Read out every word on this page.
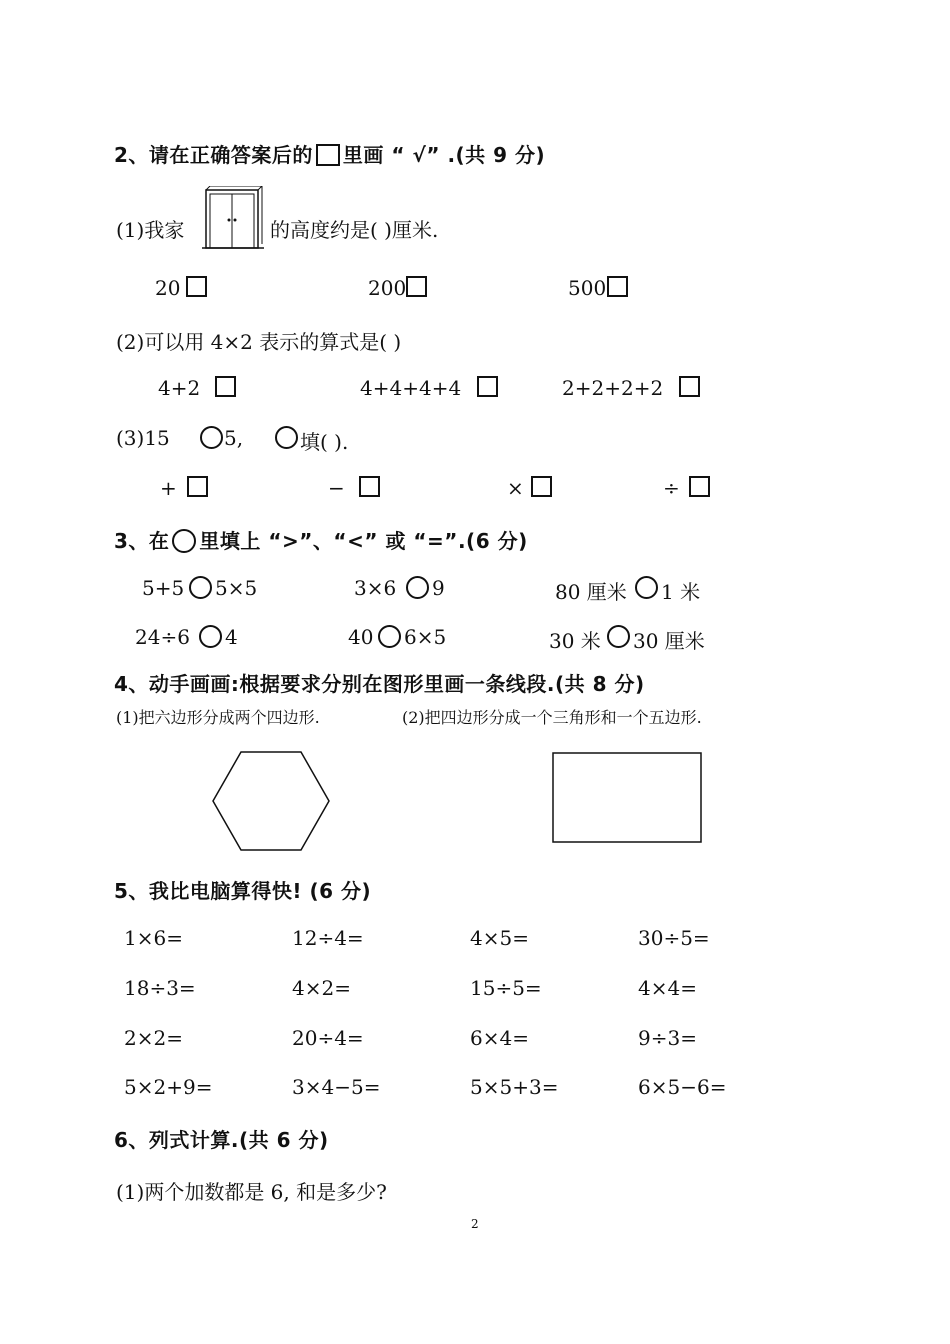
2、请在正确答案后的 里画 “ √” .(共 9 分)
(1)我家	的高度约是( )厘米.
20	200	500
(2)可以用 4×2 表示的算式是( )
4+2	4+4+4+4	2+2+2+2
(3)15	5,	填( ).
+	−	×	÷
3、在 里填上 “>”、“<” 或 “=”.(6 分)
5+5 5×5	3×6 9	80 厘米 1 米
24÷6 4	40 6×5	30 米 30 厘米
4、动手画画:根据要求分别在图形里画一条线段.(共 8 分)
(1)把六边形分成两个四边形.	(2)把四边形分成一个三角形和一个五边形.
5、我比电脑算得快! (6 分)
1×6=	12÷4=	4×5=	30÷5=
18÷3=	4×2=	15÷5=	4×4=
2×2=	20÷4=	6×4=	9÷3=
5×2+9=	3×4−5=	5×5+3=	6×5−6=
6、列式计算.(共 6 分)
(1)两个加数都是 6, 和是多少?
2
